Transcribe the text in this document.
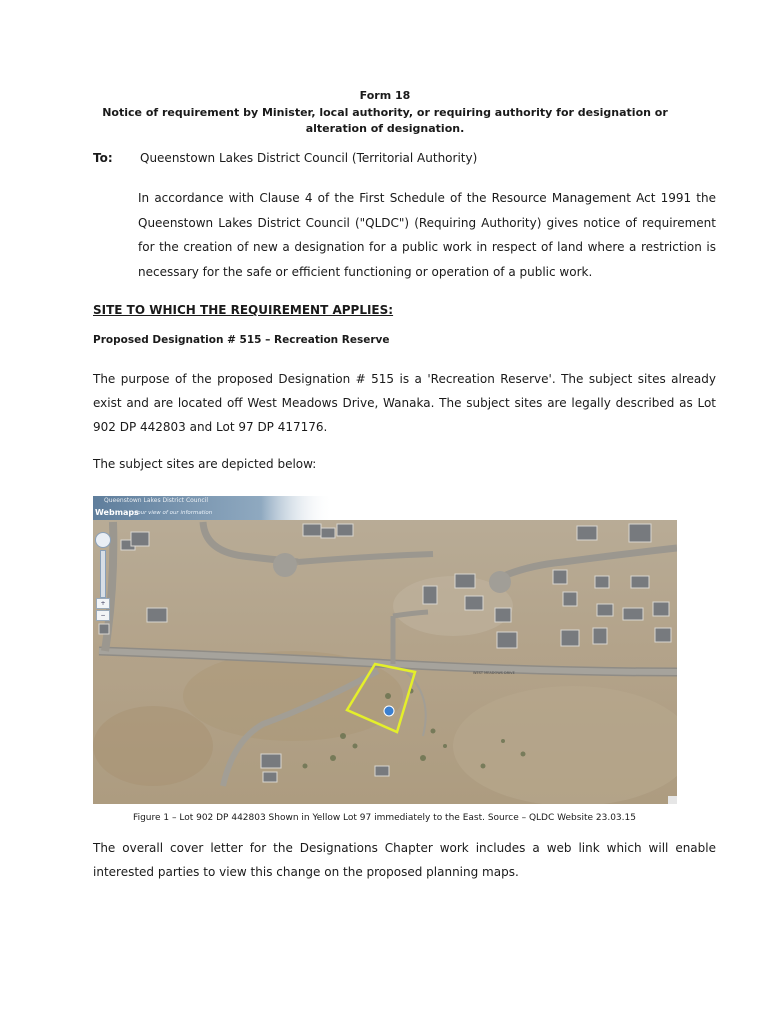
Form 18
Notice of requirement by Minister, local authority, or requiring authority for designation or alteration of designation.
To: Queenstown Lakes District Council (Territorial Authority)
In accordance with Clause 4 of the First Schedule of the Resource Management Act 1991 the Queenstown Lakes District Council ("QLDC") (Requiring Authority) gives notice of requirement for the creation of new a designation for a public work in respect of land where a restriction is necessary for the safe or efficient functioning or operation of a public work.
SITE TO WHICH THE REQUIREMENT APPLIES:
Proposed Designation # 515 – Recreation Reserve
The purpose of the proposed Designation # 515 is a 'Recreation Reserve'. The subject sites already exist and are located off West Meadows Drive, Wanaka. The subject sites are legally described as Lot 902 DP 442803 and Lot 97 DP 417176.
The subject sites are depicted below:
WEST MEADOWS DRIVE
Queenstown Lakes District Council
Webmaps
your view of our information
+
−
Figure 1 – Lot 902 DP 442803 Shown in Yellow Lot 97 immediately to the East. Source – QLDC Website 23.03.15
The overall cover letter for the Designations Chapter work includes a web link which will enable interested parties to view this change on the proposed planning maps.
